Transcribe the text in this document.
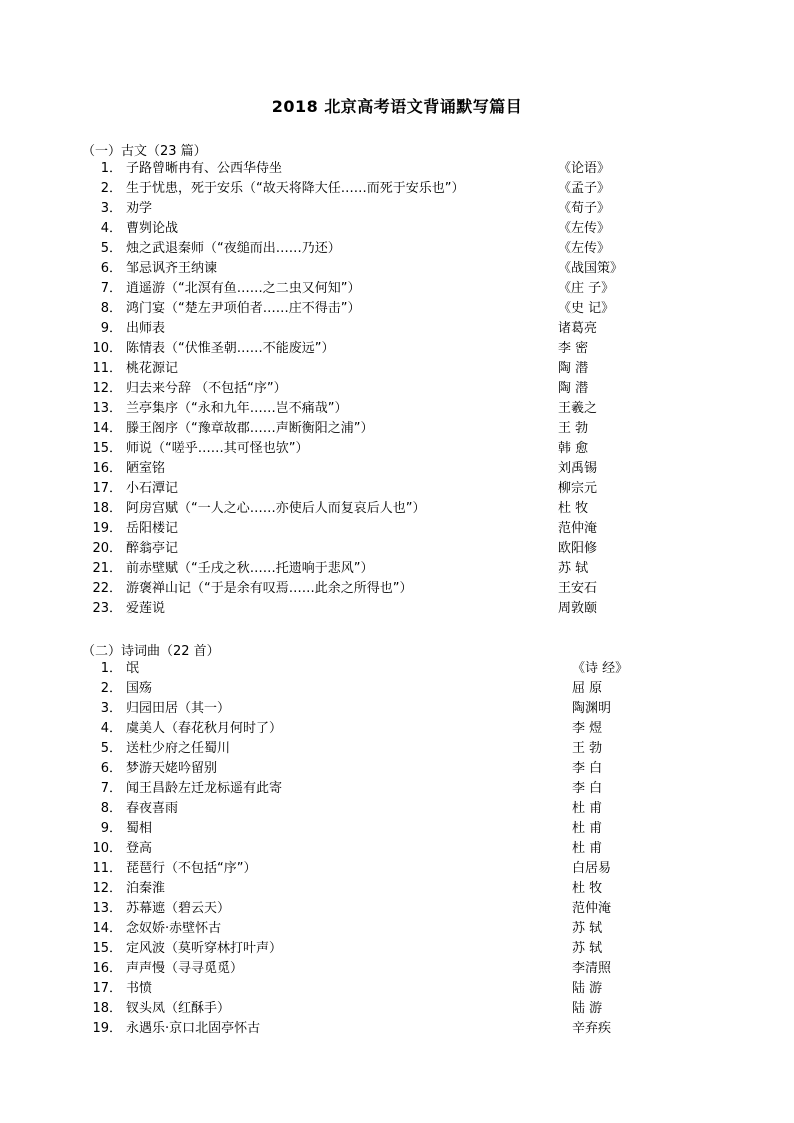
2018 北京高考语文背诵默写篇目
（一）古文（23 篇）
1． 子路曾晰冉有、公西华侍坐	《论语》
2． 生于忧患，死于安乐（“故天将降大任……而死于安乐也”）	《孟子》
3． 劝学	《荀子》
4． 曹刿论战	《左传》
5． 烛之武退秦师（“夜缒而出……乃还）	《左传》
6． 邹忌讽齐王纳谏	《战国策》
7． 逍遥游（“北溟有鱼……之二虫又何知”）	《庄 子》
8． 鸿门宴（“楚左尹项伯者……庄不得击”）	《史 记》
9． 出师表	诸葛亮
10． 陈情表（“伏惟圣朝……不能废远”）	李 密
11． 桃花源记	陶 潜
12． 归去来兮辞 （不包括“序”）	陶 潜
13． 兰亭集序（“永和九年……岂不痛哉”）	王羲之
14． 滕王阁序（“豫章故郡……声断衡阳之浦”）	王 勃
15． 师说（“嗟乎……其可怪也欤”）	韩 愈
16． 陋室铭	刘禹锡
17． 小石潭记	柳宗元
18． 阿房宫赋（“一人之心……亦使后人而复哀后人也”）	杜 牧
19． 岳阳楼记	范仲淹
20． 醉翁亭记	欧阳修
21． 前赤壁赋（“壬戌之秋……托遗响于悲风”）	苏 轼
22． 游褒禅山记（“于是余有叹焉……此余之所得也”）	王安石
23． 爱莲说	周敦颐
（二）诗词曲（22 首）
1． 氓	《诗 经》
2． 国殇	屈 原
3． 归园田居（其一）	陶渊明
4． 虞美人（春花秋月何时了）	李 煜
5． 送杜少府之任蜀川	王 勃
6． 梦游天姥吟留别	李 白
7． 闻王昌龄左迁龙标遥有此寄	李 白
8． 春夜喜雨	杜 甫
9． 蜀相	杜 甫
10． 登高	杜 甫
11． 琵琶行（不包括“序”）	白居易
12． 泊秦淮	杜 牧
13． 苏幕遮（碧云天）	范仲淹
14． 念奴娇·赤壁怀古	苏 轼
15． 定风波（莫听穿林打叶声）	苏 轼
16． 声声慢（寻寻觅觅）	李清照
17． 书愤	陆 游
18． 钗头凤（红酥手）	陆 游
19． 永遇乐·京口北固亭怀古	辛弃疾
